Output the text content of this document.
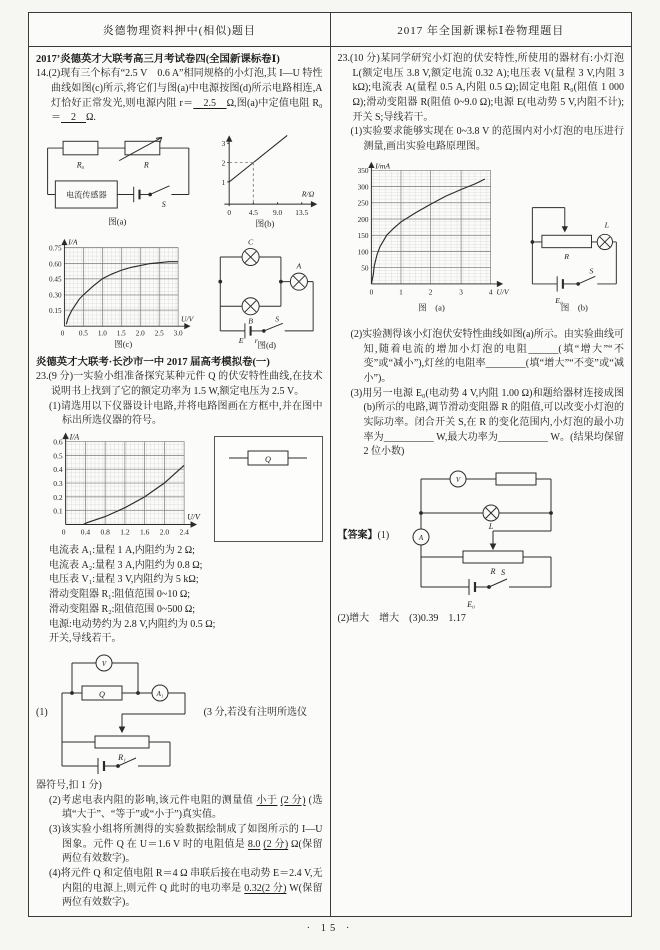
炎德物理资料押中(相似)题目	2017 年全国新课标Ⅰ卷物理题目

2017’炎德英才大联考高三月考试卷四(全国新课标卷Ⅰ)

14.(2)现有三个标有“2.5 V　0.6 A”相同规格的小灯泡,其 I—U 特性曲线如图(c)所示,将它们与图(a)中电源按图(d)所示电路相连,A 灯恰好正常发光,则电源内阻 r＝　2.5　Ω,图(a)中定值电阻 R₀＝　2　Ω.

R₀	R
电流传感器
S
图(a)
1
2
3
0 4.5 9.0 13.5
R/Ω
图(b)
I/A
0.75
0.60
0.45
0.30
0.15
0 0.5 1.0 1.5 2.0 2.5 3.0
U/V
图(c)
C
B
A
E r
S
图(d)

炎德英才大联考·长沙市一中 2017 届高考模拟卷(一)

23.(9 分)一实验小组准备探究某种元件 Q 的伏安特性曲线,在技术说明书上找到了它的额定功率为 1.5 W,额定电压为 2.5 V。

(1)请选用以下仪器设计电路,并将电路图画在方框中,并在图中标出所选仪器的符号。

I/A
0.6
0.5
0.4
0.3
0.2
0.1
0 0.4 0.8 1.2 1.6 2.0 2.4
U/V
Q

电流表 A₁:量程 1 A,内阻约为 2 Ω;

电流表 A₂:量程 3 A,内阻约为 0.8 Ω;

电压表 V₁:量程 3 V,内阻约为 5 kΩ;

滑动变阻器 R₁:阻值范围 0~10 Ω;

滑动变阻器 R₂:阻值范围 0~500 Ω;

电源:电动势约为 2.8 V,内阻约为 0.5 Ω;

开关,导线若干。

(1)
V
Q	A₁
R₁
(3 分,若没有注明所选仪

器符号,扣 1 分)

(2)考虑电表内阻的影响,该元件电阻的测量值 小于 (2 分) (选填“大于”、“等于”或“小于”)真实值。

(3)该实验小组将所测得的实验数据绘制成了如图所示的 I—U 图象。元件 Q 在 U＝1.6 V 时的电阻值是 8.0 (2 分) Ω(保留两位有效数字)。

(4)将元件 Q 和定值电阻 R＝4 Ω 串联后接在电动势 E＝2.4 V,无内阻的电源上,则元件 Q 此时的电功率是 0.32(2 分) W(保留两位有效数字)。

23.(10 分)某同学研究小灯泡的伏安特性,所使用的器材有:小灯泡 L(额定电压 3.8 V,额定电流 0.32 A);电压表 V(量程 3 V,内阻 3 kΩ);电流表 A(量程 0.5 A,内阻 0.5 Ω);固定电阻 R₀(阻值 1 000 Ω);滑动变阻器 R(阻值 0~9.0 Ω);电源 E(电动势 5 V,内阻不计);开关 S;导线若干。

(1)实验要求能够实现在 0~3.8 V 的范围内对小灯泡的电压进行测量,画出实验电路原理图。

I/mA
350
300
250
200
150
100
50
0	1	2	3	4 U/V
图　(a)
L
R
E₀
S
图　(b)

(2)实验测得该小灯泡伏安特性曲线如图(a)所示。由实验曲线可知,随着电流的增加小灯泡的电阻______(填“增大”“不变”或“减小”),灯丝的电阻率________(填“增大”“不变”或“减小”)。

(3)用另一电源 E₀(电动势 4 V,内阻 1.00 Ω)和题给器材连接成图(b)所示的电路,调节滑动变阻器 R 的阻值,可以改变小灯泡的实际功率。闭合开关 S,在 R 的变化范围内,小灯泡的最小功率为__________ W,最大功率为__________ W。(结果均保留 2 位小数)

【答案】(1)
V
L
A
R
E₀
S

(2)增大　增大　(3)0.39　1.17

· 15 ·
